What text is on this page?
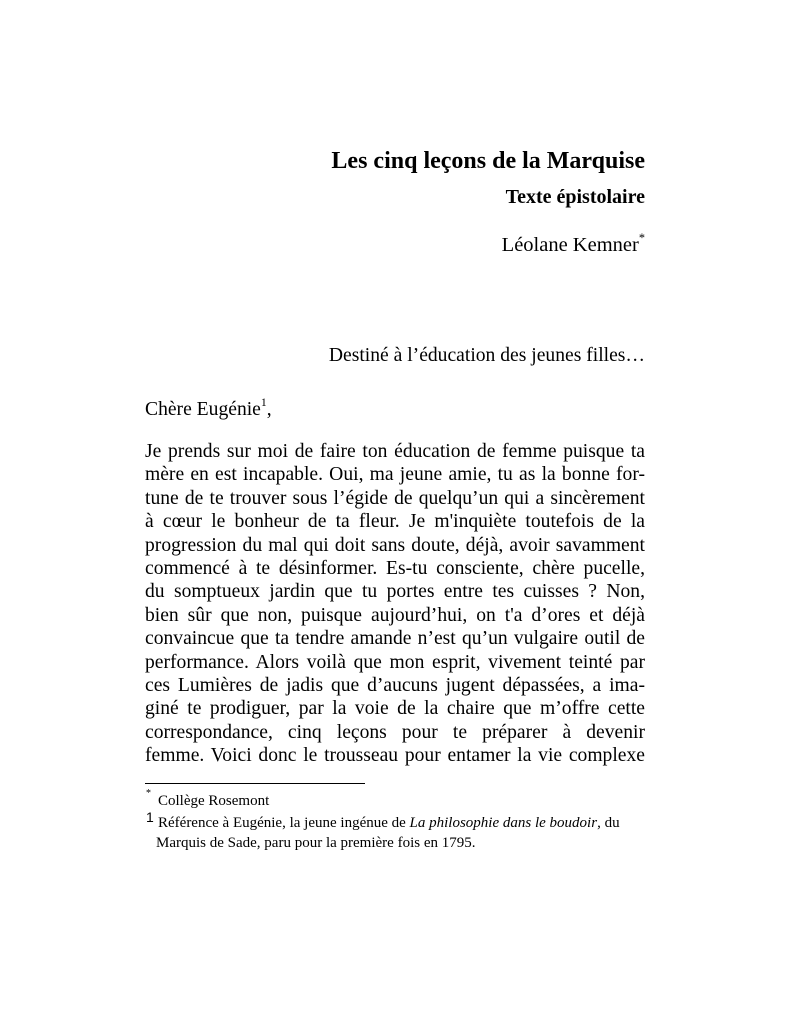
Les cinq leçons de la Marquise
Texte épistolaire
Léolane Kemner*
Destiné à l’éducation des jeunes filles…
Chère Eugénie$^1$,
Je prends sur moi de faire ton éducation de femme puisque ta
mère en est incapable. Oui, ma jeune amie, tu as la bonne for-
tune de te trouver sous l’égide de quelqu’un qui a sincèrement
à cœur le bonheur de ta fleur. Je m'inquiète toutefois de la
progression du mal qui doit sans doute, déjà, avoir savamment
commencé à te désinformer. Es-tu consciente, chère pucelle,
du somptueux jardin que tu portes entre tes cuisses ? Non,
bien sûr que non, puisque aujourd’hui, on t'a d’ores et déjà
convaincue que ta tendre amande n’est qu’un vulgaire outil de
performance. Alors voilà que mon esprit, vivement teinté par
ces Lumières de jadis que d’aucuns jugent dépassées, a ima-
giné te prodiguer, par la voie de la chaire que m’offre cette
correspondance, cinq leçons pour te préparer à devenir
femme. Voici donc le trousseau pour entamer la vie complexe
* Collège Rosemont
1 Référence à Eugénie, la jeune ingénue de La philosophie dans le boudoir, du
Marquis de Sade, paru pour la première fois en 1795.
